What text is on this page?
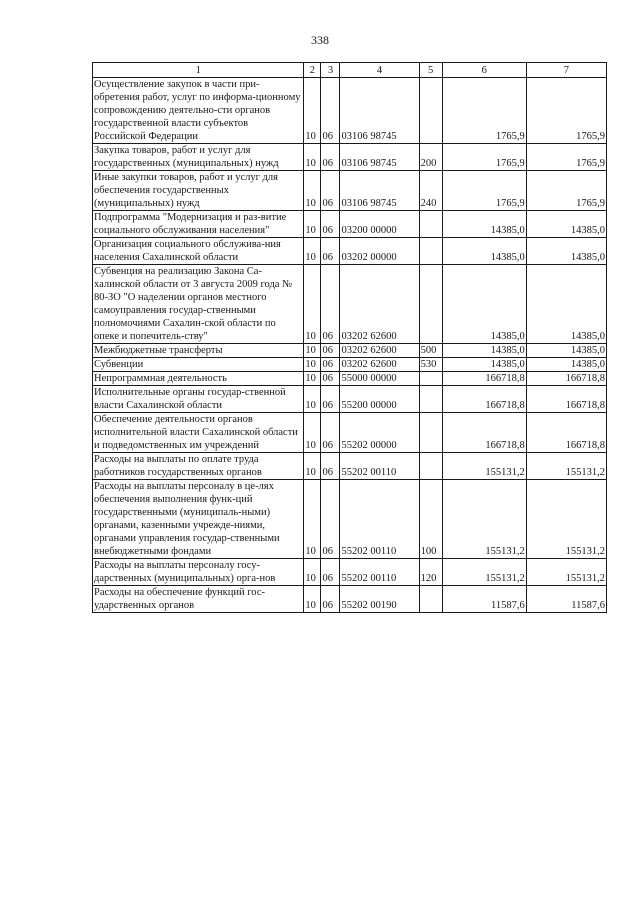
338
1	2	3	4	5	6	7
Осуществление закупок в части при-обретения работ, услуг по информа-ционному сопровождению деятельно-сти органов государственной власти субъектов Российской Федерации	10	06	03106 98745		1765,9	1765,9
Закупка товаров, работ и услуг для государственных (муниципальных) нужд	10	06	03106 98745	200	1765,9	1765,9
Иные закупки товаров, работ и услуг для обеспечения государственных (муниципальных) нужд	10	06	03106 98745	240	1765,9	1765,9
Подпрограмма "Модернизация и раз-витие социального обслуживания населения"	10	06	03200 00000		14385,0	14385,0
Организация социального обслужива-ния населения Сахалинской области	10	06	03202 00000		14385,0	14385,0
Субвенция на реализацию Закона Са-халинской области от 3 августа 2009 года № 80-ЗО "О наделении органов местного самоуправления государ-ственными полномочиями Сахалин-ской области по опеке и попечитель-ству"	10	06	03202 62600		14385,0	14385,0
Межбюджетные трансферты	10	06	03202 62600	500	14385,0	14385,0
Субвенции	10	06	03202 62600	530	14385,0	14385,0
Непрограммная деятельность	10	06	55000 00000		166718,8	166718,8
Исполнительные органы государ-ственной власти Сахалинской области	10	06	55200 00000		166718,8	166718,8
Обеспечение деятельности органов исполнительной власти Сахалинской области и подведомственных им учреждений	10	06	55202 00000		166718,8	166718,8
Расходы на выплаты по оплате труда работников государственных органов	10	06	55202 00110		155131,2	155131,2
Расходы на выплаты персоналу в це-лях обеспечения выполнения функ-ций государственными (муниципаль-ными) органами, казенными учрежде-ниями, органами управления государ-ственными внебюджетными фондами	10	06	55202 00110	100	155131,2	155131,2
Расходы на выплаты персоналу госу-дарственных (муниципальных) орга-нов	10	06	55202 00110	120	155131,2	155131,2
Расходы на обеспечение функций гос-ударственных органов	10	06	55202 00190		11587,6	11587,6
